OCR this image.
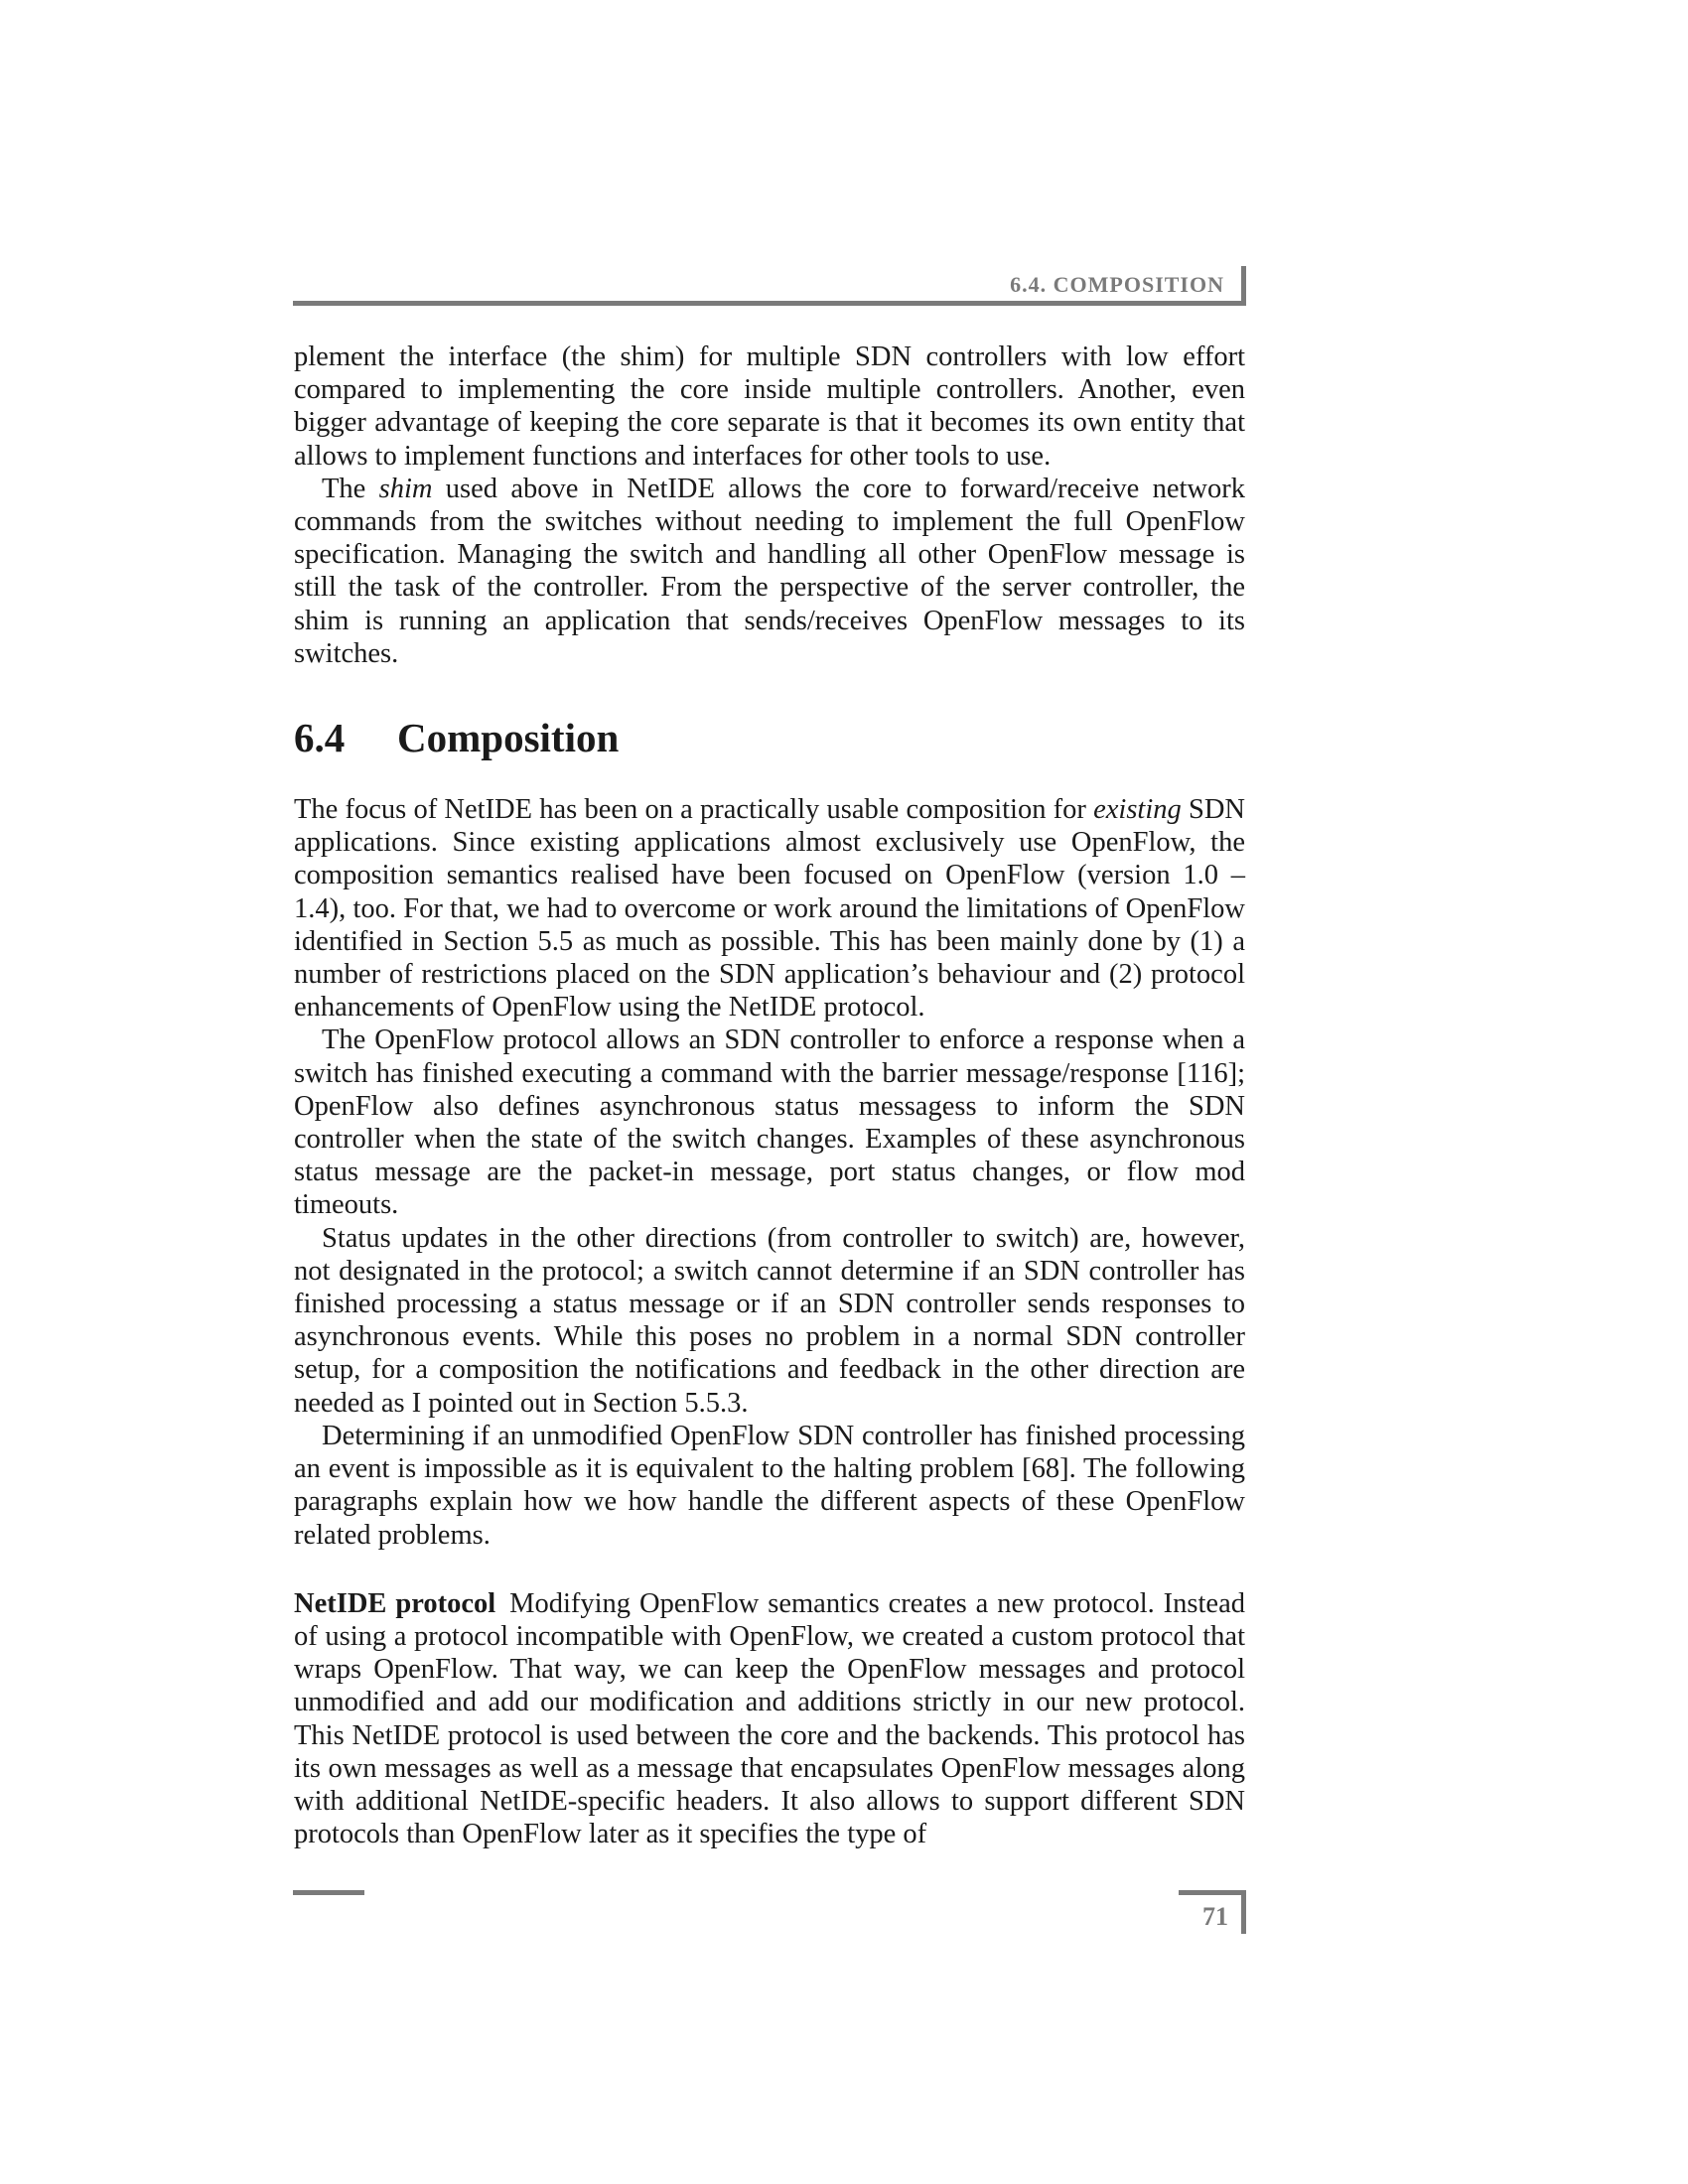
6.4. COMPOSITION

plement the interface (the shim) for multiple SDN controllers with low effort compared to implementing the core inside multiple controllers. Another, even bigger advantage of keeping the core separate is that it becomes its own entity that allows to implement functions and interfaces for other tools to use.

The shim used above in NetIDE allows the core to forward/receive network commands from the switches without needing to implement the full OpenFlow specification. Managing the switch and handling all other OpenFlow message is still the task of the controller. From the perspective of the server controller, the shim is running an application that sends/receives OpenFlow messages to its switches.

6.4 Composition

The focus of NetIDE has been on a practically usable composition for existing SDN applications. Since existing applications almost exclusively use OpenFlow, the composition semantics realised have been focused on OpenFlow (version 1.0 – 1.4), too. For that, we had to overcome or work around the limitations of OpenFlow identified in Section 5.5 as much as possible. This has been mainly done by (1) a number of restrictions placed on the SDN application’s behaviour and (2) protocol enhancements of OpenFlow using the NetIDE protocol.

The OpenFlow protocol allows an SDN controller to enforce a response when a switch has finished executing a command with the barrier message/response [116]; OpenFlow also defines asynchronous status messagess to inform the SDN controller when the state of the switch changes. Examples of these asynchronous status message are the packet-in message, port status changes, or flow mod timeouts.

Status updates in the other directions (from controller to switch) are, however, not designated in the protocol; a switch cannot determine if an SDN controller has finished processing a status message or if an SDN controller sends responses to asynchronous events. While this poses no problem in a normal SDN controller setup, for a composition the notifications and feedback in the other direction are needed as I pointed out in Section 5.5.3.

Determining if an unmodified OpenFlow SDN controller has finished processing an event is impossible as it is equivalent to the halting problem [68]. The following paragraphs explain how we how handle the different aspects of these OpenFlow related problems.

NetIDE protocol Modifying OpenFlow semantics creates a new protocol. Instead of using a protocol incompatible with OpenFlow, we created a custom protocol that wraps OpenFlow. That way, we can keep the OpenFlow messages and protocol unmodified and add our modification and additions strictly in our new protocol. This NetIDE protocol is used between the core and the backends. This protocol has its own messages as well as a message that encapsulates OpenFlow messages along with additional NetIDE-specific headers. It also allows to support different SDN protocols than OpenFlow later as it specifies the type of

71
